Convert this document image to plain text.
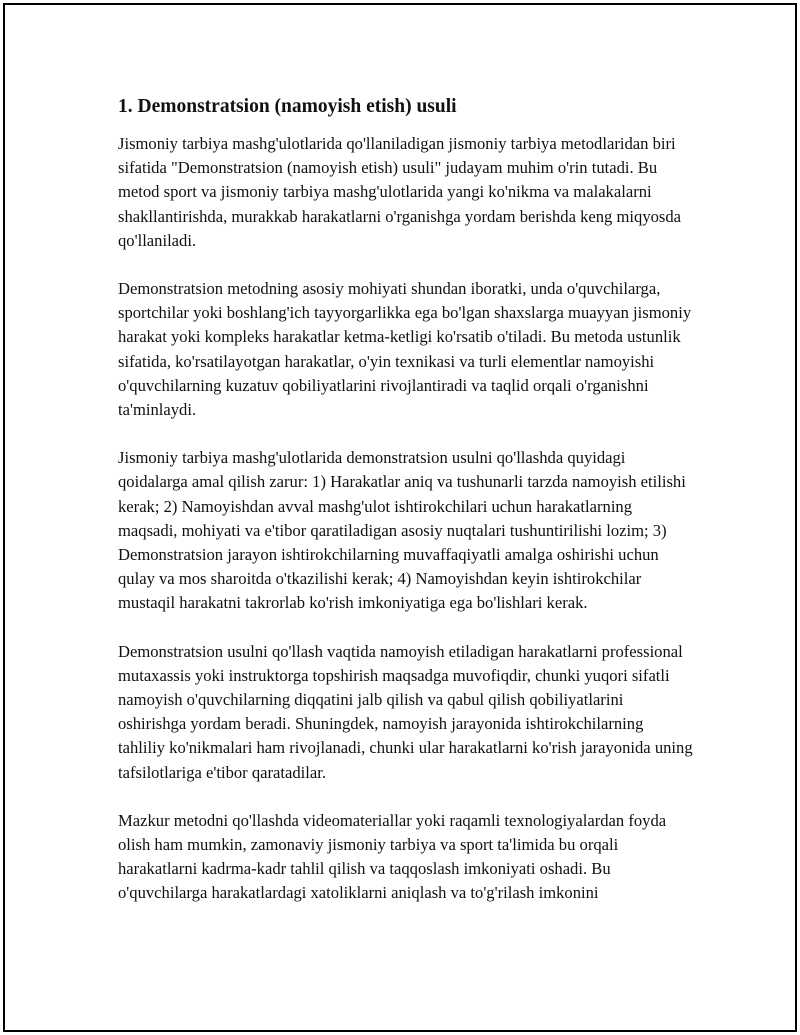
1. Demonstratsion (namoyish etish) usuli

Jismoniy tarbiya mashg'ulotlarida qo'llaniladigan jismoniy tarbiya metodlaridan biri sifatida "Demonstratsion (namoyish etish) usuli" judayam muhim o'rin tutadi. Bu metod sport va jismoniy tarbiya mashg'ulotlarida yangi ko'nikma va malakalarni shakllantirishda, murakkab harakatlarni o'rganishga yordam berishda keng miqyosda qo'llaniladi.

Demonstratsion metodning asosiy mohiyati shundan iboratki, unda o'quvchilarga, sportchilar yoki boshlang'ich tayyorgarlikka ega bo'lgan shaxslarga muayyan jismoniy harakat yoki kompleks harakatlar ketma-ketligi ko'rsatib o'tiladi. Bu metoda ustunlik sifatida, ko'rsatilayotgan harakatlar, o'yin texnikasi va turli elementlar namoyishi o'quvchilarning kuzatuv qobiliyatlarini rivojlantiradi va taqlid orqali o'rganishni ta'minlaydi.

Jismoniy tarbiya mashg'ulotlarida demonstratsion usulni qo'llashda quyidagi qoidalarga amal qilish zarur: 1) Harakatlar aniq va tushunarli tarzda namoyish etilishi kerak; 2) Namoyishdan avval mashg'ulot ishtirokchilari uchun harakatlarning maqsadi, mohiyati va e'tibor qaratiladigan asosiy nuqtalari tushuntirilishi lozim; 3) Demonstratsion jarayon ishtirokchilarning muvaffaqiyatli amalga oshirishi uchun qulay va mos sharoitda o'tkazilishi kerak; 4) Namoyishdan keyin ishtirokchilar mustaqil harakatni takrorlab ko'rish imkoniyatiga ega bo'lishlari kerak.

Demonstratsion usulni qo'llash vaqtida namoyish etiladigan harakatlarni professional mutaxassis yoki instruktorga topshirish maqsadga muvofiqdir, chunki yuqori sifatli namoyish o'quvchilarning diqqatini jalb qilish va qabul qilish qobiliyatlarini oshirishga yordam beradi. Shuningdek, namoyish jarayonida ishtirokchilarning tahliliy ko'nikmalari ham rivojlanadi, chunki ular harakatlarni ko'rish jarayonida uning tafsilotlariga e'tibor qaratadilar.

Mazkur metodni qo'llashda videomateriallar yoki raqamli texnologiyalardan foyda olish ham mumkin, zamonaviy jismoniy tarbiya va sport ta'limida bu orqali harakatlarni kadrma-kadr tahlil qilish va taqqoslash imkoniyati oshadi. Bu o'quvchilarga harakatlardagi xatoliklarni aniqlash va to'g'rilash imkonini
